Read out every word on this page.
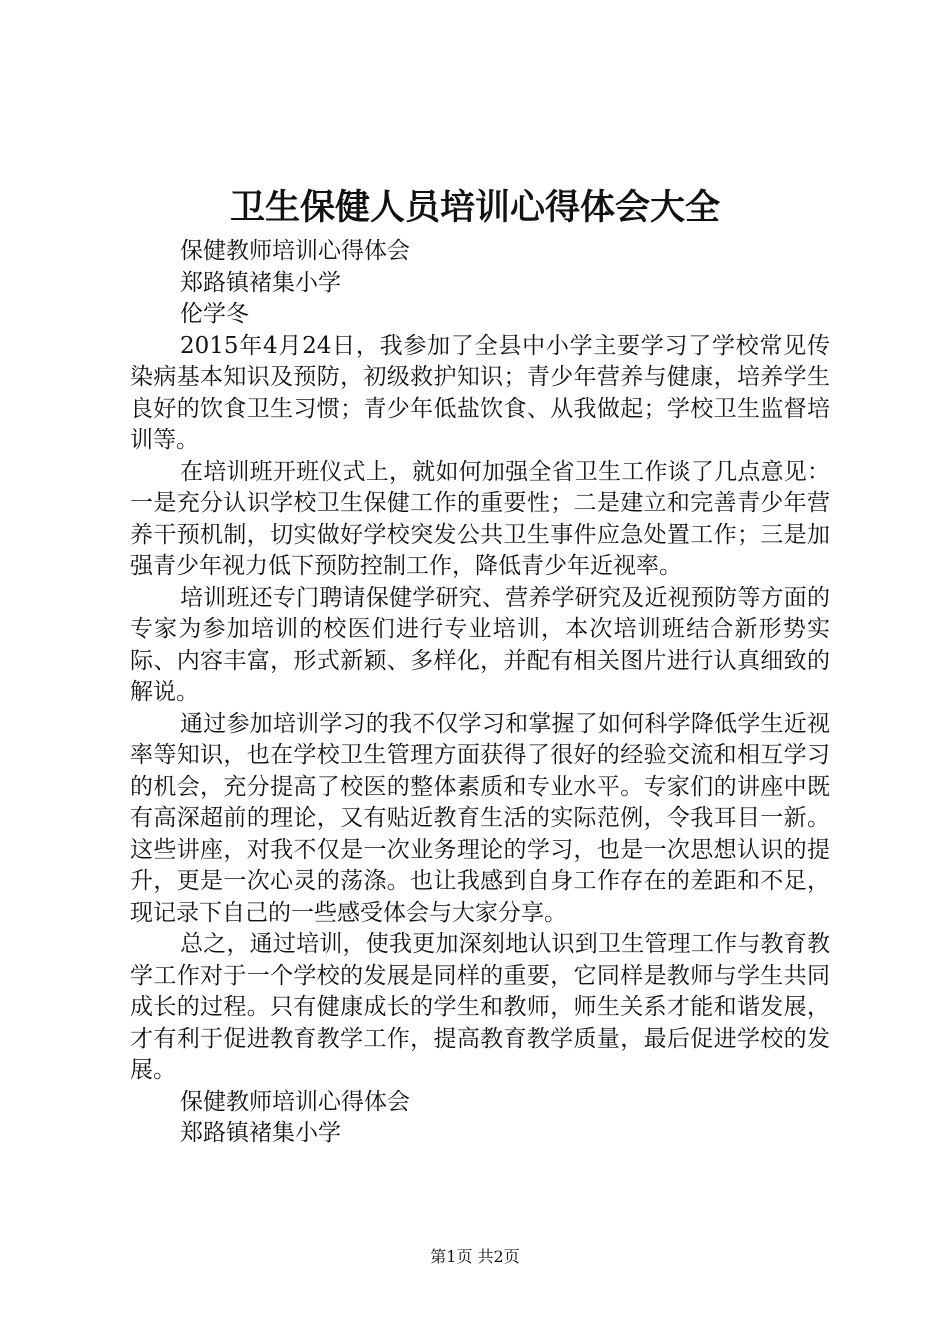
卫生保健人员培训心得体会大全

保健教师培训心得体会

郑路镇褚集小学

伦学冬

2015年4月24日，我参加了全县中小学主要学习了学校常见传染病基本知识及预防，初级救护知识；青少年营养与健康，培养学生良好的饮食卫生习惯；青少年低盐饮食、从我做起；学校卫生监督培训等。

在培训班开班仪式上，就如何加强全省卫生工作谈了几点意见：一是充分认识学校卫生保健工作的重要性；二是建立和完善青少年营养干预机制，切实做好学校突发公共卫生事件应急处置工作；三是加强青少年视力低下预防控制工作，降低青少年近视率。

培训班还专门聘请保健学研究、营养学研究及近视预防等方面的专家为参加培训的校医们进行专业培训，本次培训班结合新形势实际、内容丰富，形式新颖、多样化，并配有相关图片进行认真细致的解说。

通过参加培训学习的我不仅学习和掌握了如何科学降低学生近视率等知识，也在学校卫生管理方面获得了很好的经验交流和相互学习的机会，充分提高了校医的整体素质和专业水平。专家们的讲座中既有高深超前的理论，又有贴近教育生活的实际范例，令我耳目一新。这些讲座，对我不仅是一次业务理论的学习，也是一次思想认识的提升，更是一次心灵的荡涤。也让我感到自身工作存在的差距和不足，现记录下自己的一些感受体会与大家分享。

总之，通过培训，使我更加深刻地认识到卫生管理工作与教育教学工作对于一个学校的发展是同样的重要，它同样是教师与学生共同成长的过程。只有健康成长的学生和教师，师生关系才能和谐发展，才有利于促进教育教学工作，提高教育教学质量，最后促进学校的发展。

保健教师培训心得体会

郑路镇褚集小学

第1页 共2页
